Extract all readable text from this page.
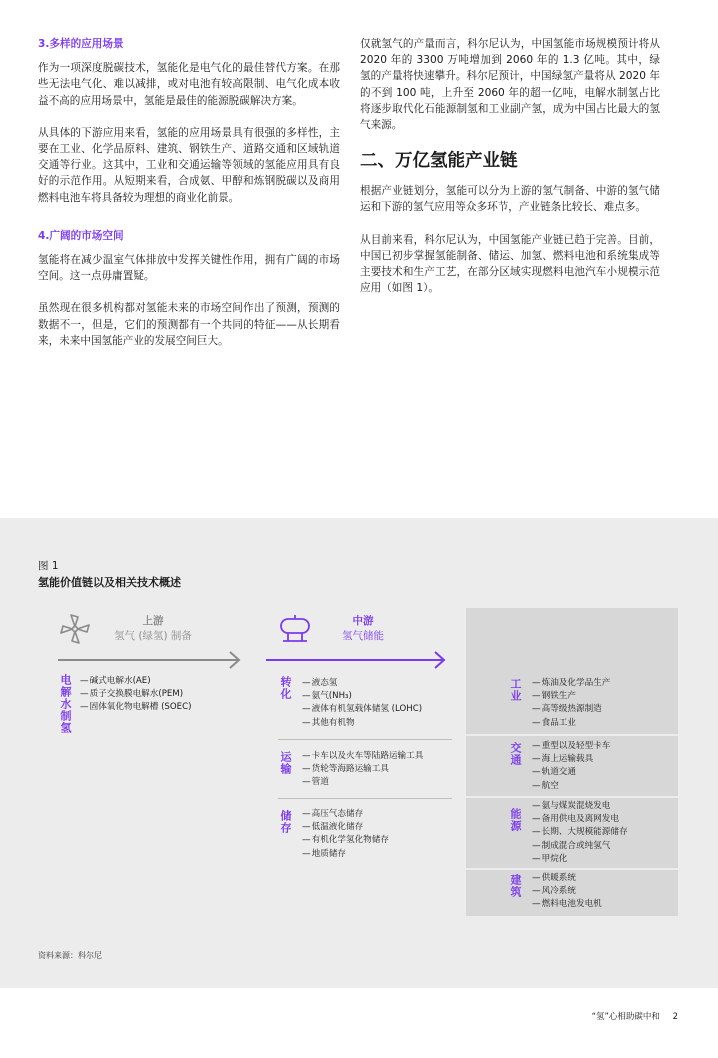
3.多样的应用场景

作为一项深度脱碳技术，氢能化是电气化的最佳替代方案。在那些无法电气化、难以减排，或对电池有较高限制、电气化成本收益不高的应用场景中，氢能是最佳的能源脱碳解决方案。

从具体的下游应用来看，氢能的应用场景具有很强的多样性，主要在工业、化学品原料、建筑、钢铁生产、道路交通和区域轨道交通等行业。这其中，工业和交通运输等领域的氢能应用具有良好的示范作用。从短期来看，合成氨、甲醇和炼钢脱碳以及商用燃料电池车将具备较为理想的商业化前景。

4.广阔的市场空间

氢能将在减少温室气体排放中发挥关键性作用，拥有广阔的市场空间。这一点毋庸置疑。

虽然现在很多机构都对氢能未来的市场空间作出了预测，预测的数据不一，但是，它们的预测都有一个共同的特征——从长期看来，未来中国氢能产业的发展空间巨大。

仅就氢气的产量而言，科尔尼认为，中国氢能市场规模预计将从 2020 年的 3300 万吨增加到 2060 年的 1.3 亿吨。其中，绿氢的产量将快速攀升。科尔尼预计，中国绿氢产量将从 2020 年的不到 100 吨，上升至 2060 年的超一亿吨，电解水制氢占比将逐步取代化石能源制氢和工业副产氢，成为中国占比最大的氢气来源。

二、万亿氢能产业链

根据产业链划分，氢能可以分为上游的氢气制备、中游的氢气储运和下游的氢气应用等众多环节，产业链条比较长、难点多。

从目前来看，科尔尼认为，中国氢能产业链已趋于完善。目前，中国已初步掌握氢能制备、储运、加氢、燃料电池和系统集成等主要技术和生产工艺，在部分区域实现燃料电池汽车小规模示范应用（如图 1）。

图 1
氢能价值链以及相关技术概述
上游
氢气 (绿氢) 制备
中游
氢气储能
电解水制氢	— 碱式电解水(AE)
— 质子交换膜电解水(PEM)
— 固体氧化物电解槽 (SOEC)
转化	— 液态氢
— 氨气(NH₃)
— 液体有机氢载体储氢 (LOHC)
— 其他有机物
运输	— 卡车以及火车等陆路运输工具
— 货轮等海路运输工具
— 管道
储存	— 高压气态储存
— 低温液化储存
— 有机化学氢化物储存
— 地质储存
工业	— 炼油及化学品生产
— 钢铁生产
— 高等级热源制造
— 食品工业
交通	— 重型以及轻型卡车
— 海上运输载具
— 轨道交通
— 航空
能源
— 氨与煤炭混烧发电
— 备用供电及离网发电
— 长期、大规模能源储存
— 制成混合或纯氢气
— 甲烷化
建筑	— 供暖系统
— 风冷系统
— 燃料电池发电机
资料来源：科尔尼
“氢”心相助碳中和 2
